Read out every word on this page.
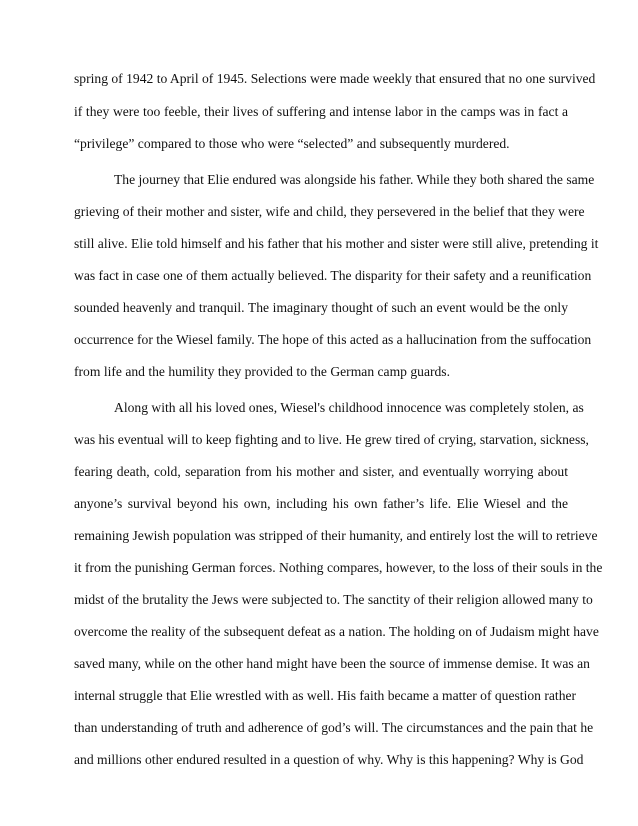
spring of 1942 to April of 1945. Selections were made weekly that ensured that no one survived
if they were too feeble, their lives of suffering and intense labor in the camps was in fact a
“privilege” compared to those who were “selected” and subsequently murdered.
The journey that Elie endured was alongside his father. While they both shared the same
grieving of their mother and sister, wife and child, they persevered in the belief that they were
still alive. Elie told himself and his father that his mother and sister were still alive, pretending it
was fact in case one of them actually believed. The disparity for their safety and a reunification
sounded heavenly and tranquil. The imaginary thought of such an event would be the only
occurrence for the Wiesel family. The hope of this acted as a hallucination from the suffocation
from life and the humility they provided to the German camp guards.
Along with all his loved ones, Wiesel's childhood innocence was completely stolen, as
was his eventual will to keep fighting and to live. He grew tired of crying, starvation, sickness,
fearing death, cold, separation from his mother and sister, and eventually worrying about
anyone’s survival beyond his own, including his own father’s life. Elie Wiesel and the
remaining Jewish population was stripped of their humanity, and entirely lost the will to retrieve
it from the punishing German forces. Nothing compares, however, to the loss of their souls in the
midst of the brutality the Jews were subjected to. The sanctity of their religion allowed many to
overcome the reality of the subsequent defeat as a nation. The holding on of Judaism might have
saved many, while on the other hand might have been the source of immense demise. It was an
internal struggle that Elie wrestled with as well. His faith became a matter of question rather
than understanding of truth and adherence of god’s will. The circumstances and the pain that he
and millions other endured resulted in a question of why. Why is this happening? Why is God
